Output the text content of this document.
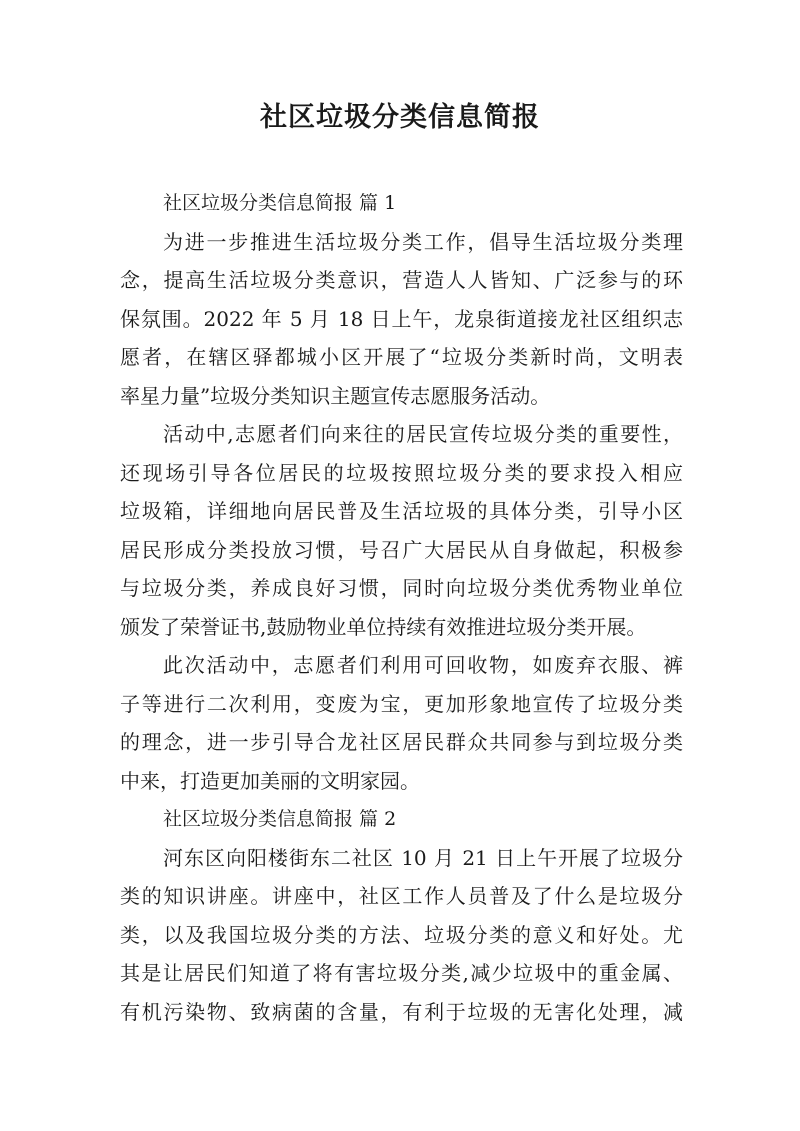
社区垃圾分类信息简报
社区垃圾分类信息简报 篇 1
为进一步推进生活垃圾分类工作，倡导生活垃圾分类理
念，提高生活垃圾分类意识，营造人人皆知、广泛参与的环
保氛围。2022 年 5 月 18 日上午，龙泉街道接龙社区组织志
愿者，在辖区驿都城小区开展了“垃圾分类新时尚，文明表
率星力量”垃圾分类知识主题宣传志愿服务活动。
活动中,志愿者们向来往的居民宣传垃圾分类的重要性，
还现场引导各位居民的垃圾按照垃圾分类的要求投入相应
垃圾箱，详细地向居民普及生活垃圾的具体分类，引导小区
居民形成分类投放习惯，号召广大居民从自身做起，积极参
与垃圾分类，养成良好习惯，同时向垃圾分类优秀物业单位
颁发了荣誉证书,鼓励物业单位持续有效推进垃圾分类开展。
此次活动中，志愿者们利用可回收物，如废弃衣服、裤
子等进行二次利用，变废为宝，更加形象地宣传了垃圾分类
的理念，进一步引导合龙社区居民群众共同参与到垃圾分类
中来，打造更加美丽的文明家园。
社区垃圾分类信息简报 篇 2
河东区向阳楼街东二社区 10 月 21 日上午开展了垃圾分
类的知识讲座。讲座中，社区工作人员普及了什么是垃圾分
类，以及我国垃圾分类的方法、垃圾分类的意义和好处。尤
其是让居民们知道了将有害垃圾分类,减少垃圾中的重金属、
有机污染物、致病菌的含量，有利于垃圾的无害化处理，减
